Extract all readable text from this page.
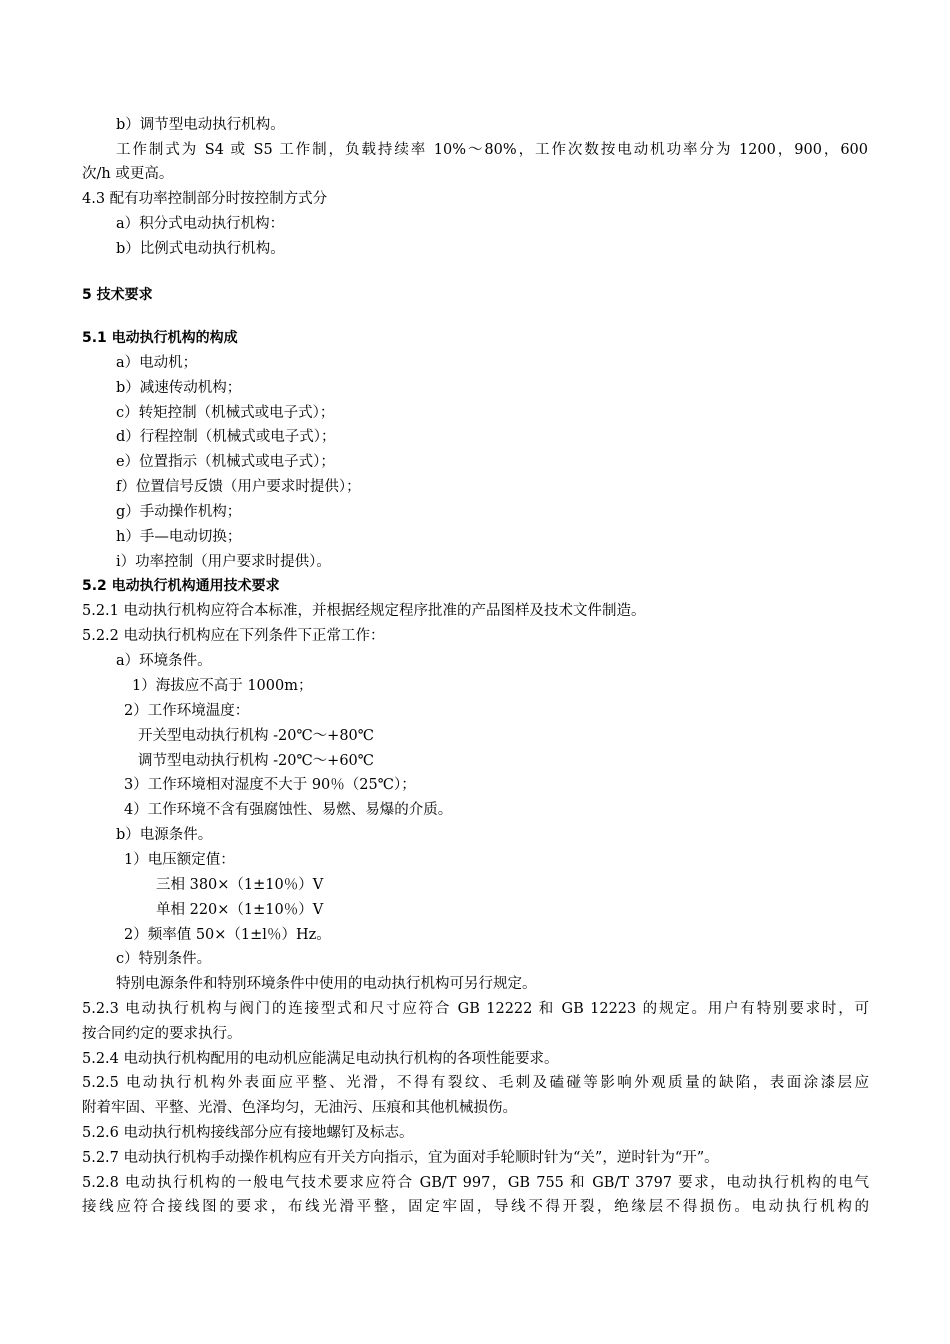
b）调节型电动执行机构。
工作制式为 S4 或 S5 工作制，负载持续率 10%～80%，工作次数按电动机功率分为 1200，900，600
次/h 或更高。
4.3 配有功率控制部分时按控制方式分
a）积分式电动执行机构：
b）比例式电动执行机构。
5 技术要求
5.1 电动执行机构的构成
a）电动机；
b）减速传动机构；
c）转矩控制（机械式或电子式）；
d）行程控制（机械式或电子式）；
e）位置指示（机械式或电子式）；
f）位置信号反馈（用户要求时提供）；
g）手动操作机构；
h）手—电动切换；
i）功率控制（用户要求时提供）。
5.2 电动执行机构通用技术要求
5.2.1 电动执行机构应符合本标准，并根据经规定程序批准的产品图样及技术文件制造。
5.2.2 电动执行机构应在下列条件下正常工作：
a）环境条件。
1）海拔应不高于 1000m；
2）工作环境温度：
开关型电动执行机构 -20℃～+80℃
调节型电动执行机构 -20℃～+60℃
3）工作环境相对湿度不大于 90％（25℃）；
4）工作环境不含有强腐蚀性、易燃、易爆的介质。
b）电源条件。
1）电压额定值：
三相 380×（1±10％）V
单相 220×（1±10％）V
2）频率值 50×（1±l％）Hz。
c）特别条件。
特别电源条件和特别环境条件中使用的电动执行机构可另行规定。
5.2.3 电动执行机构与阀门的连接型式和尺寸应符合 GB 12222 和 GB 12223 的规定。用户有特别要求时，可
按合同约定的要求执行。
5.2.4 电动执行机构配用的电动机应能满足电动执行机构的各项性能要求。
5.2.5 电动执行机构外表面应平整、光滑，不得有裂纹、毛刺及磕碰等影响外观质量的缺陷，表面涂漆层应
附着牢固、平整、光滑、色泽均匀，无油污、压痕和其他机械损伤。
5.2.6 电动执行机构接线部分应有接地螺钉及标志。
5.2.7 电动执行机构手动操作机构应有开关方向指示，宜为面对手轮顺时针为“关”，逆时针为“开”。
5.2.8 电动执行机构的一般电气技术要求应符合 GB/T 997，GB 755 和 GB/T 3797 要求，电动执行机构的电气
接线应符合接线图的要求，布线光滑平整，固定牢固，导线不得开裂，绝缘层不得损伤。电动执行机构的
